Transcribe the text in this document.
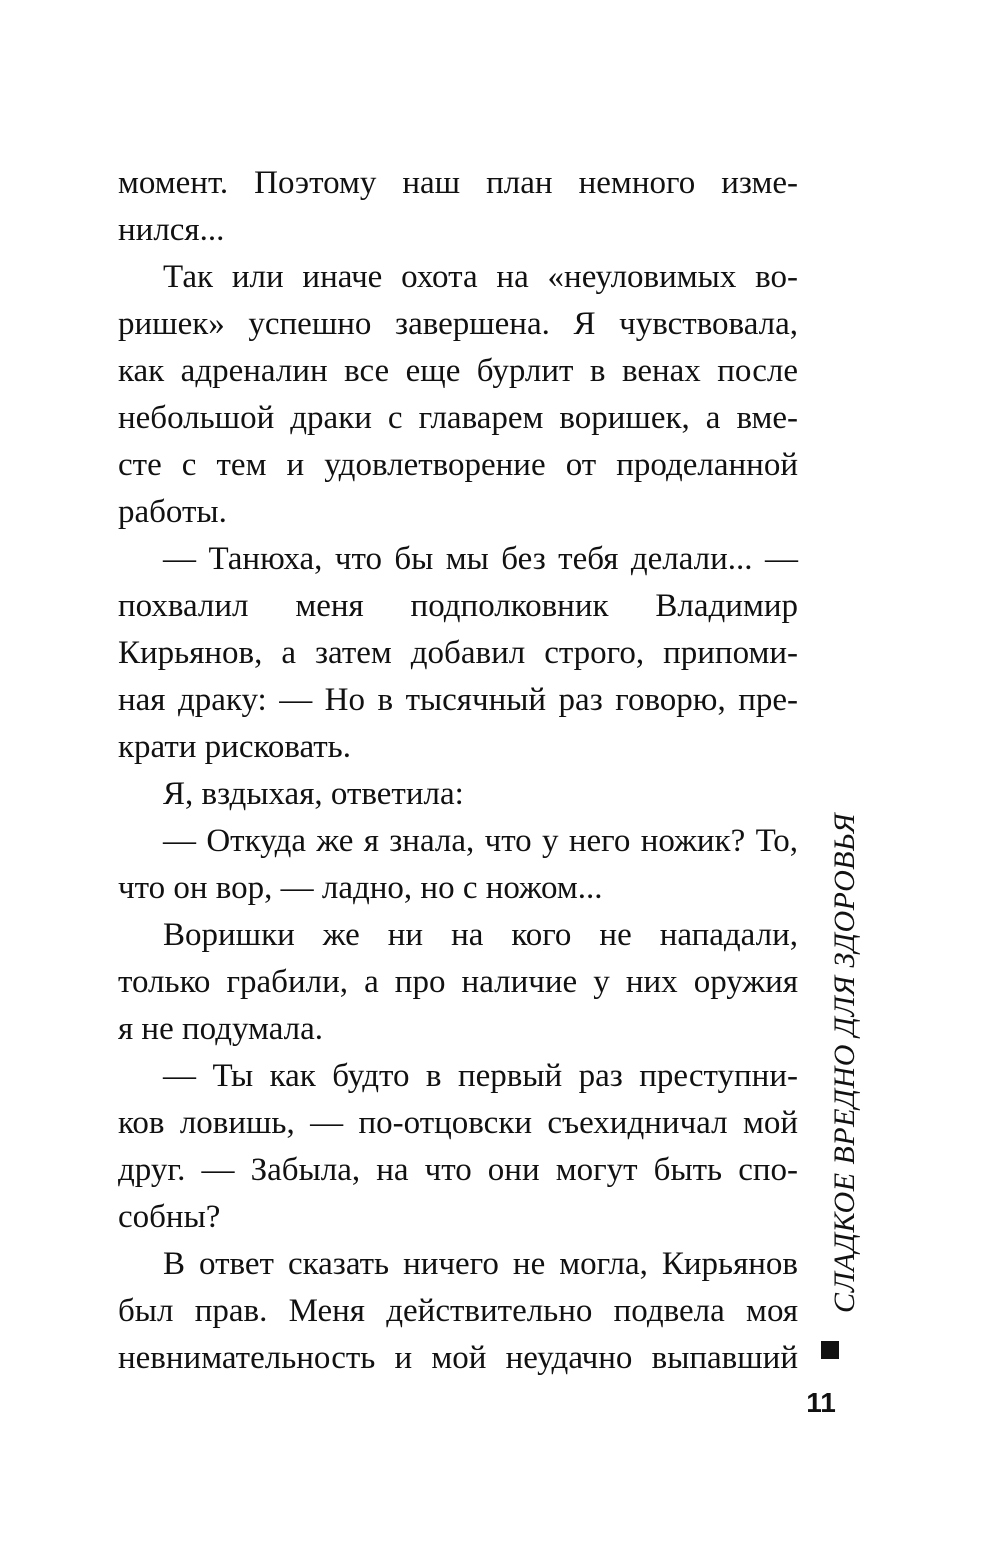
момент. Поэтому наш план немного изме-
нился...
Так или иначе охота на «неуловимых во-
ришек» успешно завершена. Я чувствовала,
как адреналин все еще бурлит в венах после
небольшой драки с главарем воришек, а вме-
сте с тем и удовлетворение от проделанной
работы.
— Танюха, что бы мы без тебя делали... —
похвалил меня подполковник Владимир
Кирьянов, а затем добавил строго, припоми-
ная драку: — Но в тысячный раз говорю, пре-
крати рисковать.
Я, вздыхая, ответила:
— Откуда же я знала, что у него ножик? То,
что он вор, — ладно, но с ножом...
Воришки же ни на кого не нападали,
только грабили, а про наличие у них оружия
я не подумала.
— Ты как будто в первый раз преступни-
ков ловишь, — по-отцовски съехидничал мой
друг. — Забыла, на что они могут быть спо-
собны?
В ответ сказать ничего не могла, Кирьянов
был прав. Меня действительно подвела моя
невнимательность и мой неудачно выпавший
СЛАДКОЕ ВРЕДНО ДЛЯ ЗДОРОВЬЯ
11
